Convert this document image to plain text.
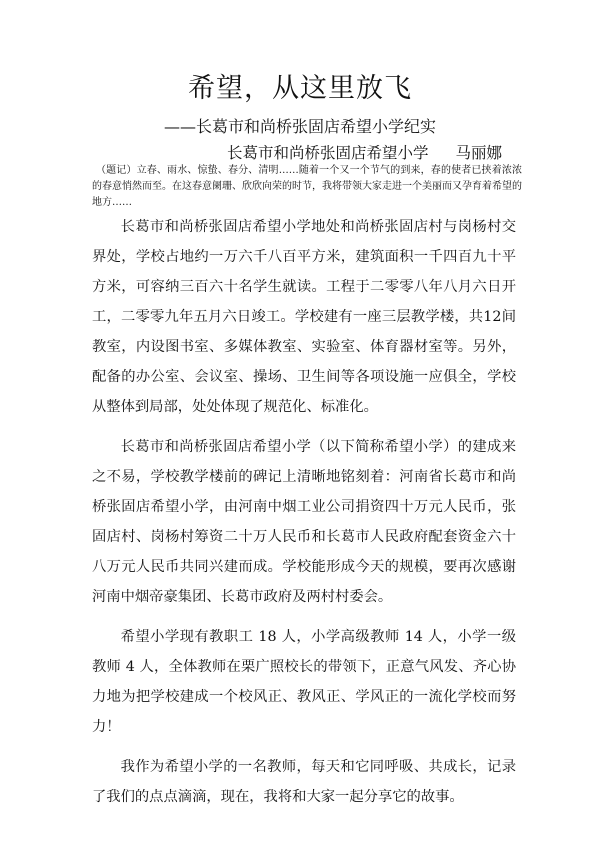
希望，从这里放飞
——长葛市和尚桥张固店希望小学纪实
长葛市和尚桥张固店希望小学 马丽娜
（题记）立春、雨水、惊蛰、春分、清明……随着一个又一个节气的到来，春的使者已挟着浓浓的春意悄然而至。在这春意阑珊、欣欣向荣的时节，我将带领大家走进一个美丽而又孕育着希望的地方……

长葛市和尚桥张固店希望小学地处和尚桥张固店村与岗杨村交界处，学校占地约一万六千八百平方米，建筑面积一千四百九十平方米，可容纳三百六十名学生就读。工程于二零零八年八月六日开工，二零零九年五月六日竣工。学校建有一座三层教学楼，共12间教室，内设图书室、多媒体教室、实验室、体育器材室等。另外，配备的办公室、会议室、操场、卫生间等各项设施一应俱全，学校从整体到局部，处处体现了规范化、标准化。

长葛市和尚桥张固店希望小学（以下简称希望小学）的建成来之不易，学校教学楼前的碑记上清晰地铭刻着：河南省长葛市和尚桥张固店希望小学，由河南中烟工业公司捐资四十万元人民币，张固店村、岗杨村筹资二十万人民币和长葛市人民政府配套资金六十八万元人民币共同兴建而成。学校能形成今天的规模，要再次感谢河南中烟帝豪集团、长葛市政府及两村村委会。

希望小学现有教职工 18 人，小学高级教师 14 人，小学一级教师 4 人，全体教师在栗广照校长的带领下，正意气风发、齐心协力地为把学校建成一个校风正、教风正、学风正的一流化学校而努力！

我作为希望小学的一名教师，每天和它同呼吸、共成长，记录了我们的点点滴滴，现在，我将和大家一起分享它的故事。
